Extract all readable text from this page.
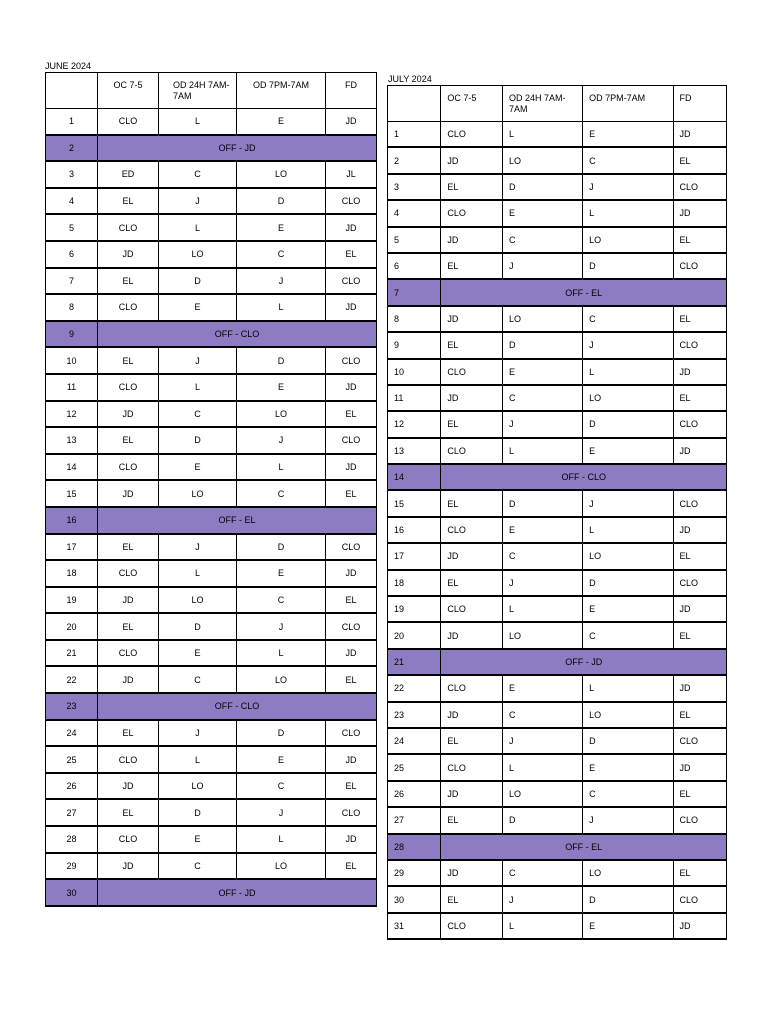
JUNE 2024
	OC 7-5	OD 24H 7AM-7AM	OD 7PM-7AM	FD
1	CLO	L	E	JD
2	OFF - JD			
3	ED	C	LO	JL
4	EL	J	D	CLO
5	CLO	L	E	JD
6	JD	LO	C	EL
7	EL	D	J	CLO
8	CLO	E	L	JD
9	OFF - CLO			
10	EL	J	D	CLO
11	CLO	L	E	JD
12	JD	C	LO	EL
13	EL	D	J	CLO
14	CLO	E	L	JD
15	JD	LO	C	EL
16	OFF - EL			
17	EL	J	D	CLO
18	CLO	L	E	JD
19	JD	LO	C	EL
20	EL	D	J	CLO
21	CLO	E	L	JD
22	JD	C	LO	EL
23	OFF - CLO			
24	EL	J	D	CLO
25	CLO	L	E	JD
26	JD	LO	C	EL
27	EL	D	J	CLO
28	CLO	E	L	JD
29	JD	C	LO	EL
30	OFF - JD			
JULY 2024
	OC 7-5	OD 24H 7AM-7AM	OD 7PM-7AM	FD
1	CLO	L	E	JD
2	JD	LO	C	EL
3	EL	D	J	CLO
4	CLO	E	L	JD
5	JD	C	LO	EL
6	EL	J	D	CLO
7	OFF - EL			
8	JD	LO	C	EL
9	EL	D	J	CLO
10	CLO	E	L	JD
11	JD	C	LO	EL
12	EL	J	D	CLO
13	CLO	L	E	JD
14	OFF - CLO			
15	EL	D	J	CLO
16	CLO	E	L	JD
17	JD	C	LO	EL
18	EL	J	D	CLO
19	CLO	L	E	JD
20	JD	LO	C	EL
21	OFF - JD			
22	CLO	E	L	JD
23	JD	C	LO	EL
24	EL	J	D	CLO
25	CLO	L	E	JD
26	JD	LO	C	EL
27	EL	D	J	CLO
28	OFF - EL			
29	JD	C	LO	EL
30	EL	J	D	CLO
31	CLO	L	E	JD
